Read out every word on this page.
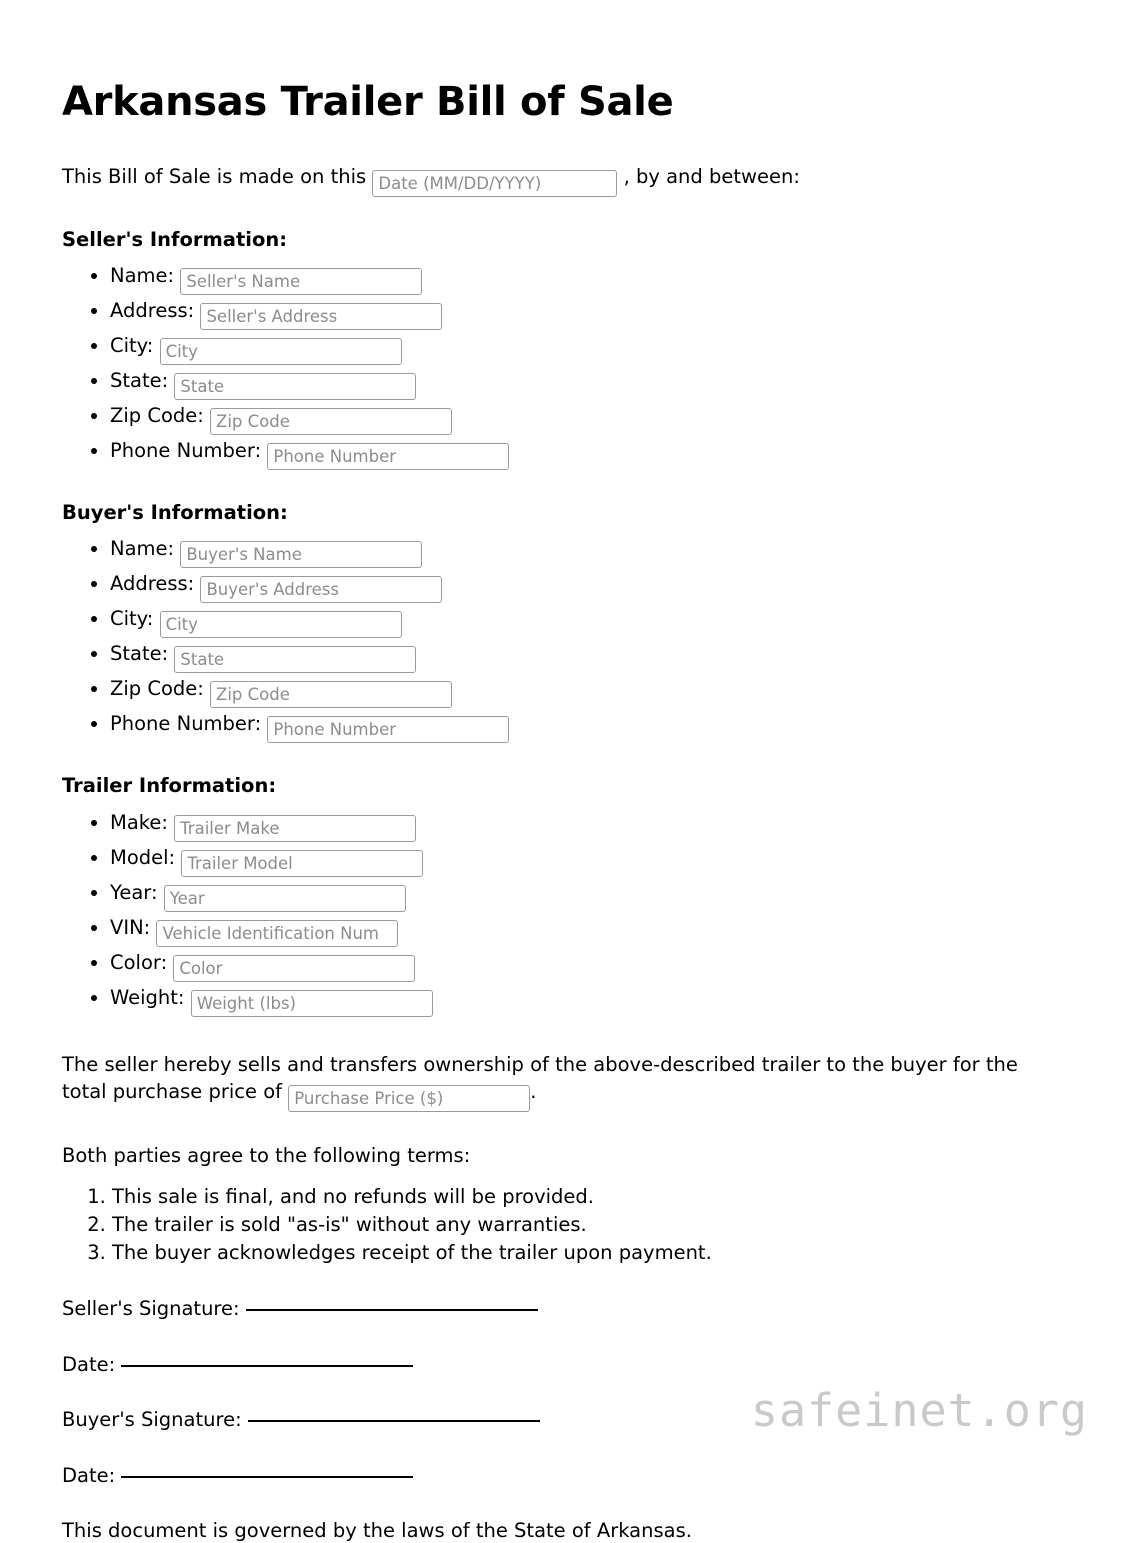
Arkansas Trailer Bill of Sale

This Bill of Sale is made on this Date (MM/DD/YYYY)	, by and between:

Seller's Information:
• Name: Seller's Name
• Address: Seller's Address
• City: City
• State: State
• Zip Code: Zip Code
• Phone Number: Phone Number
Buyer's Information:
• Name: Buyer's Name
• Address: Buyer's Address
• City: City
• State: State
• Zip Code: Zip Code
• Phone Number: Phone Number
Trailer Information:
• Make: Trailer Make
• Model: Trailer Model
• Year: Year
• VIN: Vehicle Identification Num
• Color: Color
• Weight: Weight (lbs)

The seller hereby sells and transfers ownership of the above-described trailer to the buyer for the total purchase price of Purchase Price ($)	.

Both parties agree to the following terms:

1. This sale is final, and no refunds will be provided.
2. The trailer is sold "as-is" without any warranties.
3. The buyer acknowledges receipt of the trailer upon payment.

Seller's Signature:

Date:

Buyer's Signature:

Date:

This document is governed by the laws of the State of Arkansas.

safeinet.org
